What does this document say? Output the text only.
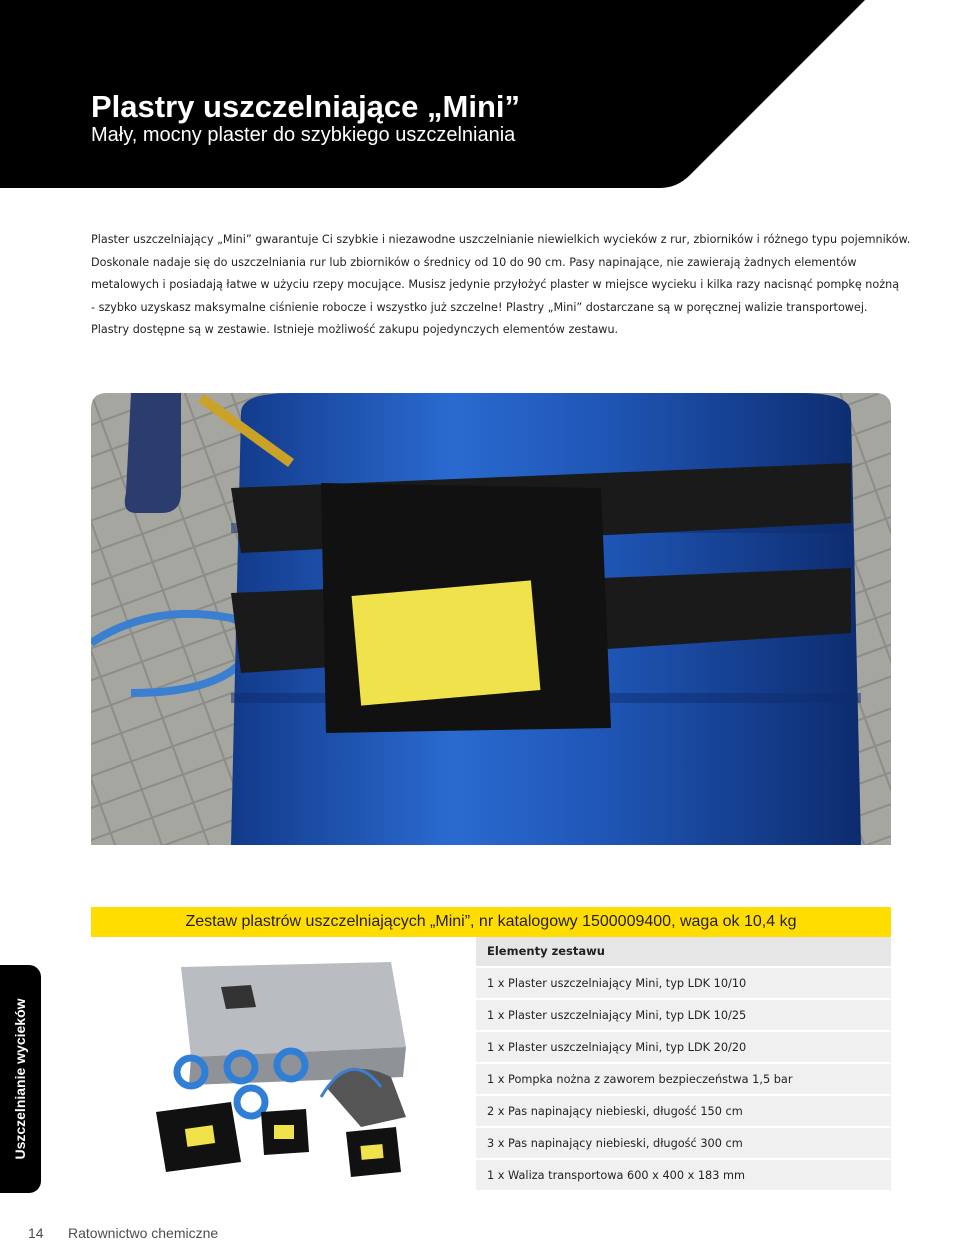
Plastry uszczelniające „Mini”
Mały, mocny plaster do szybkiego uszczelniania
Plaster uszczelniający „Mini” gwarantuje Ci szybkie i niezawodne uszczelnianie niewielkich wycieków z rur, zbiorników i różnego typu pojemników.
Doskonale nadaje się do uszczelniania rur lub zbiorników o średnicy od 10 do 90 cm. Pasy napinające, nie zawierają żadnych elementów
metalowych i posiadają łatwe w użyciu rzepy mocujące. Musisz jedynie przyłożyć plaster w miejsce wycieku i kilka razy nacisnąć pompkę nożną
- szybko uzyskasz maksymalne ciśnienie robocze i wszystko już szczelne! Plastry „Mini” dostarczane są w poręcznej walizie transportowej.
Plastry dostępne są w zestawie. Istnieje możliwość zakupu pojedynczych elementów zestawu.
Zestaw plastrów uszczelniających „Mini”, nr katalogowy 1500009400, waga ok 10,4 kg
Elementy zestawu
1 x Plaster uszczelniający Mini, typ LDK 10/10
1 x Plaster uszczelniający Mini, typ LDK 10/25
1 x Plaster uszczelniający Mini, typ LDK 20/20
1 x Pompka nożna z zaworem bezpieczeństwa 1,5 bar
2 x Pas napinający niebieski, długość 150 cm
3 x Pas napinający niebieski, długość 300 cm
1 x Waliza transportowa 600 x 400 x 183 mm
Uszczelnianie wycieków
14 Ratownictwo chemiczne
